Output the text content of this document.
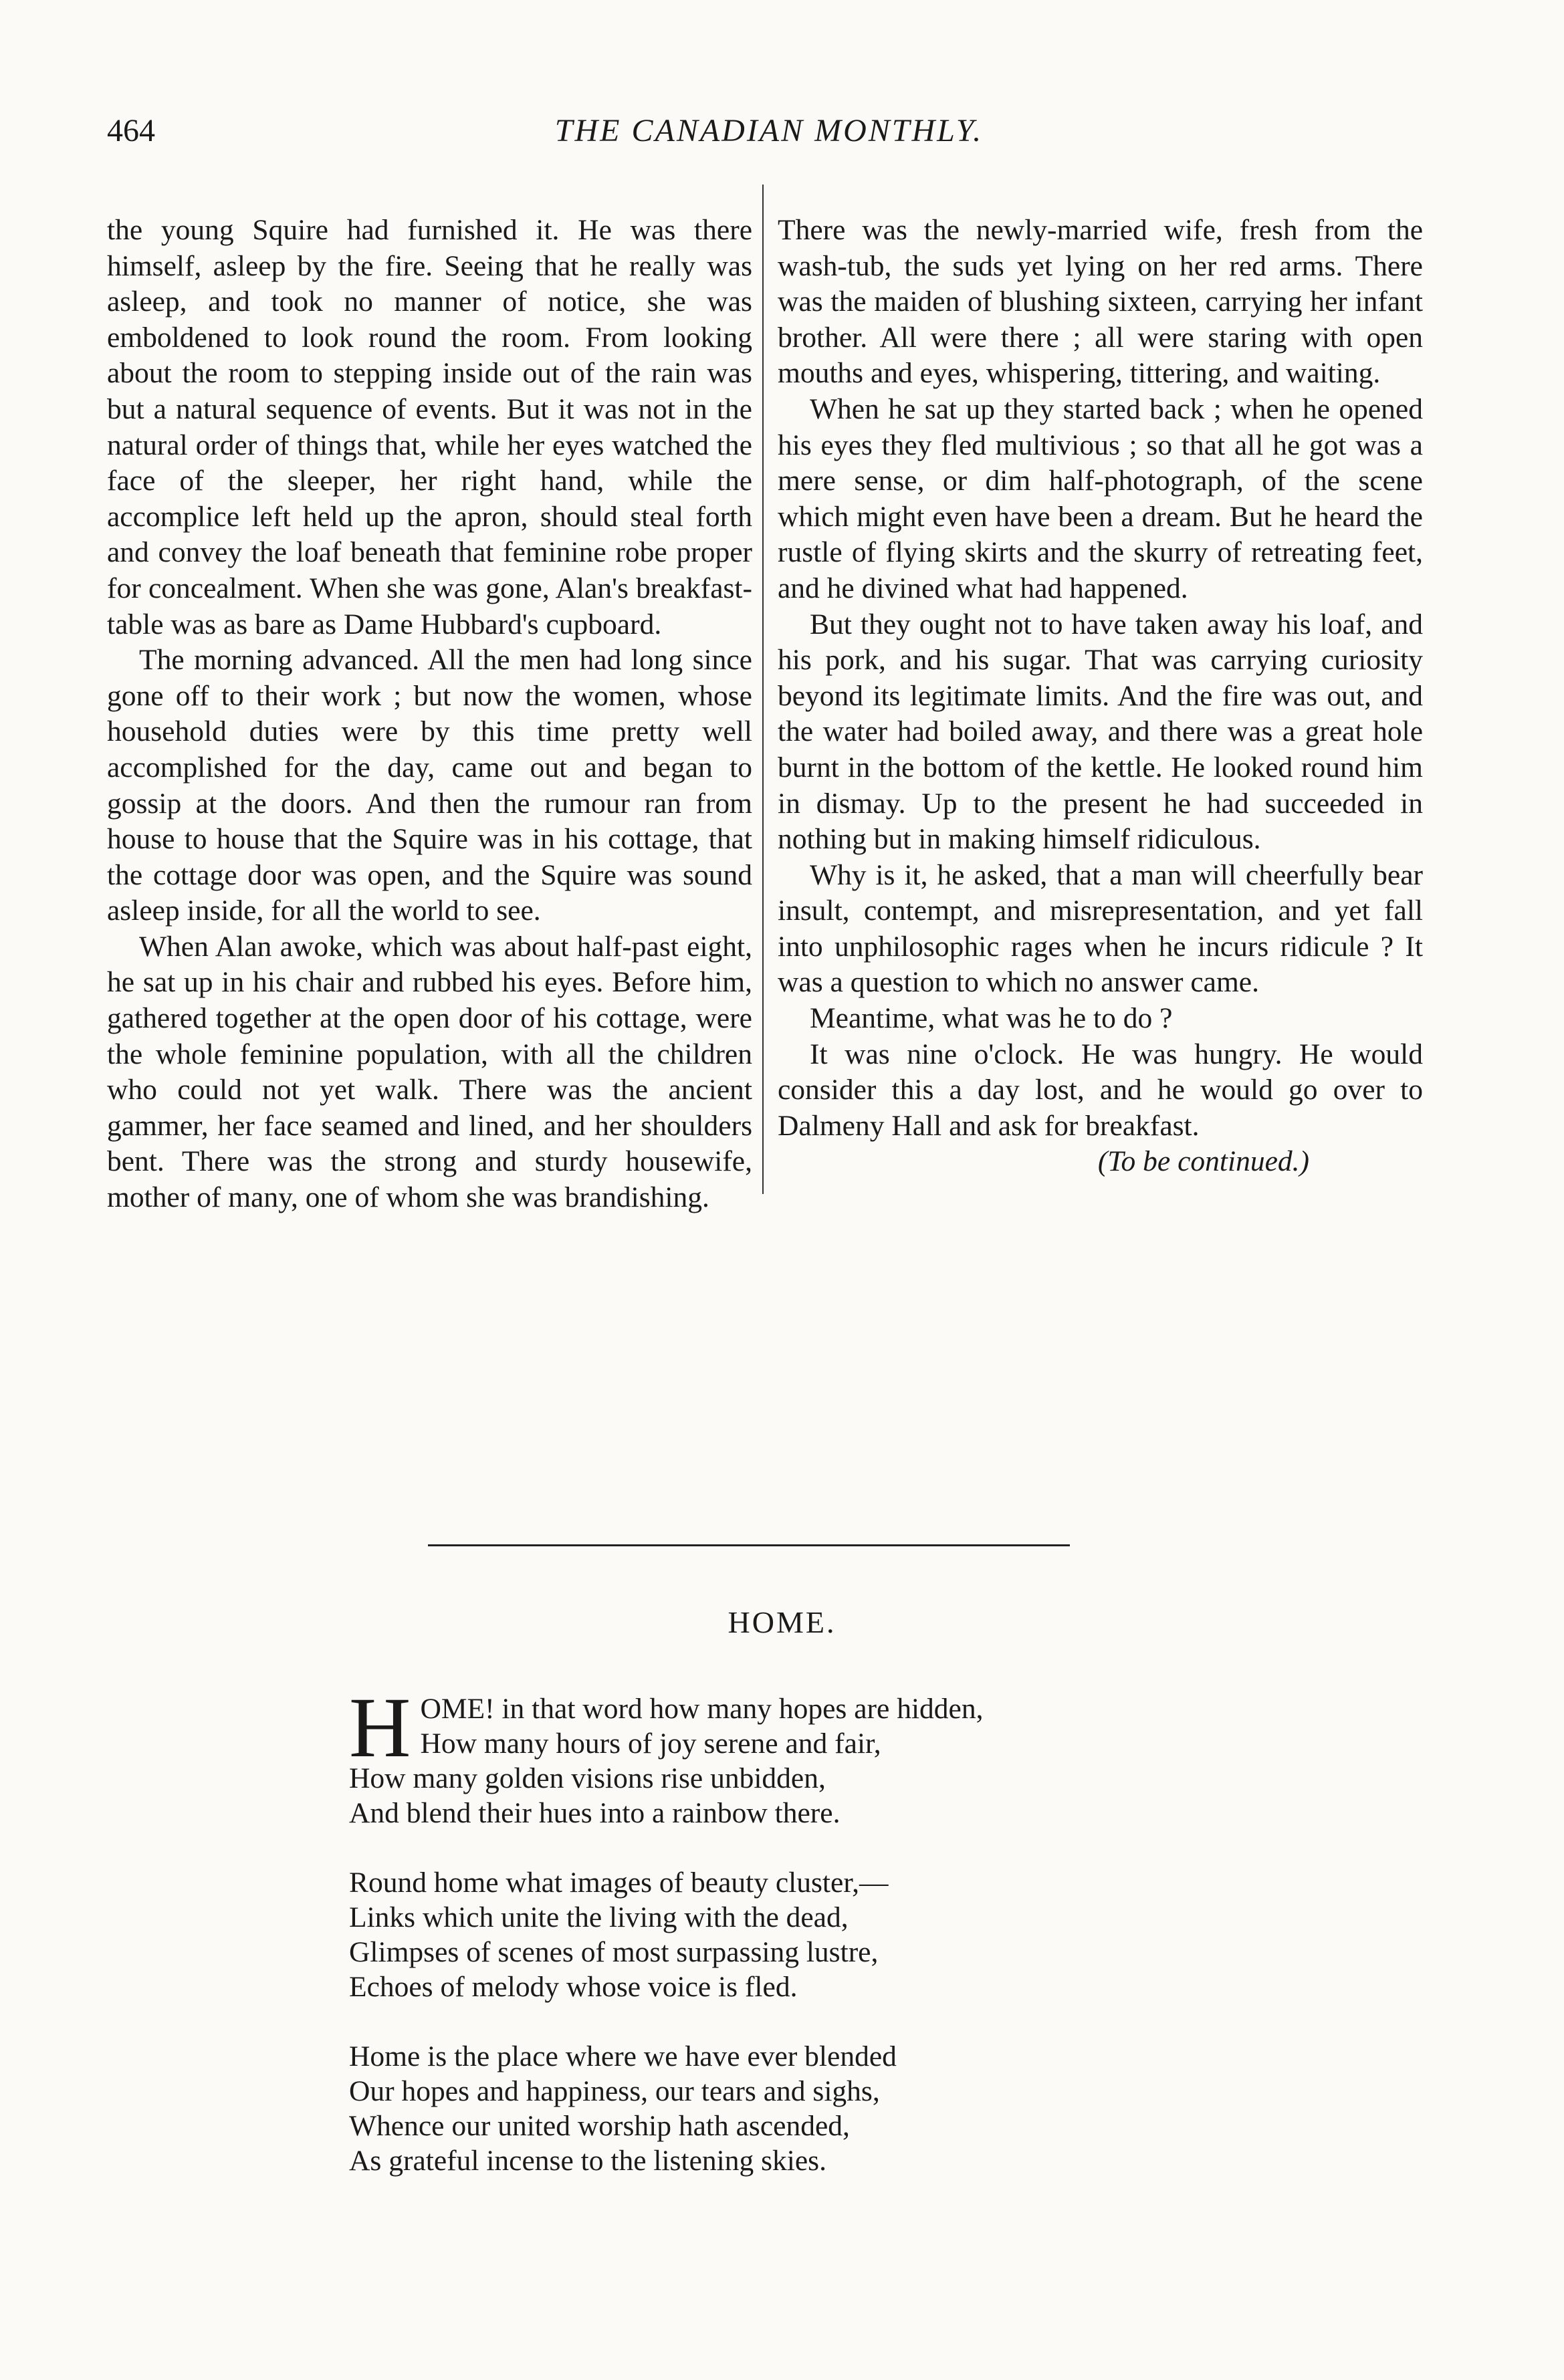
464	THE CANADIAN MONTHLY.

the young Squire had furnished it. He was there himself, asleep by the fire. Seeing that he really was asleep, and took no manner of notice, she was emboldened to look round the room. From looking about the room to stepping inside out of the rain was but a natural sequence of events. But it was not in the natural order of things that, while her eyes watched the face of the sleeper, her right hand, while the accomplice left held up the apron, should steal forth and convey the loaf beneath that feminine robe proper for concealment. When she was gone, Alan's breakfast-table was as bare as Dame Hubbard's cupboard.

The morning advanced. All the men had long since gone off to their work ; but now the women, whose household duties were by this time pretty well accomplished for the day, came out and began to gossip at the doors. And then the rumour ran from house to house that the Squire was in his cottage, that the cottage door was open, and the Squire was sound asleep inside, for all the world to see.

When Alan awoke, which was about half-past eight, he sat up in his chair and rubbed his eyes. Before him, gathered together at the open door of his cottage, were the whole feminine population, with all the children who could not yet walk. There was the ancient gammer, her face seamed and lined, and her shoulders bent. There was the strong and sturdy housewife, mother of many, one of whom she was brandishing.

There was the newly-married wife, fresh from the wash-tub, the suds yet lying on her red arms. There was the maiden of blushing sixteen, carrying her infant brother. All were there ; all were staring with open mouths and eyes, whispering, tittering, and waiting.

When he sat up they started back ; when he opened his eyes they fled multivious ; so that all he got was a mere sense, or dim half-photograph, of the scene which might even have been a dream. But he heard the rustle of flying skirts and the skurry of retreating feet, and he divined what had happened.

But they ought not to have taken away his loaf, and his pork, and his sugar. That was carrying curiosity beyond its legitimate limits. And the fire was out, and the water had boiled away, and there was a great hole burnt in the bottom of the kettle. He looked round him in dismay. Up to the present he had succeeded in nothing but in making himself ridiculous.

Why is it, he asked, that a man will cheerfully bear insult, contempt, and misrepresentation, and yet fall into unphilosophic rages when he incurs ridicule ? It was a question to which no answer came.

Meantime, what was he to do ?

It was nine o'clock. He was hungry. He would consider this a day lost, and he would go over to Dalmeny Hall and ask for breakfast.

(To be continued.)

HOME.
H OME! in that word how many hopes are hidden,
How many hours of joy serene and fair,
How many golden visions rise unbidden,
And blend their hues into a rainbow there.
Round home what images of beauty cluster,—
Links which unite the living with the dead,
Glimpses of scenes of most surpassing lustre,
Echoes of melody whose voice is fled.
Home is the place where we have ever blended
Our hopes and happiness, our tears and sighs,
Whence our united worship hath ascended,
As grateful incense to the listening skies.
